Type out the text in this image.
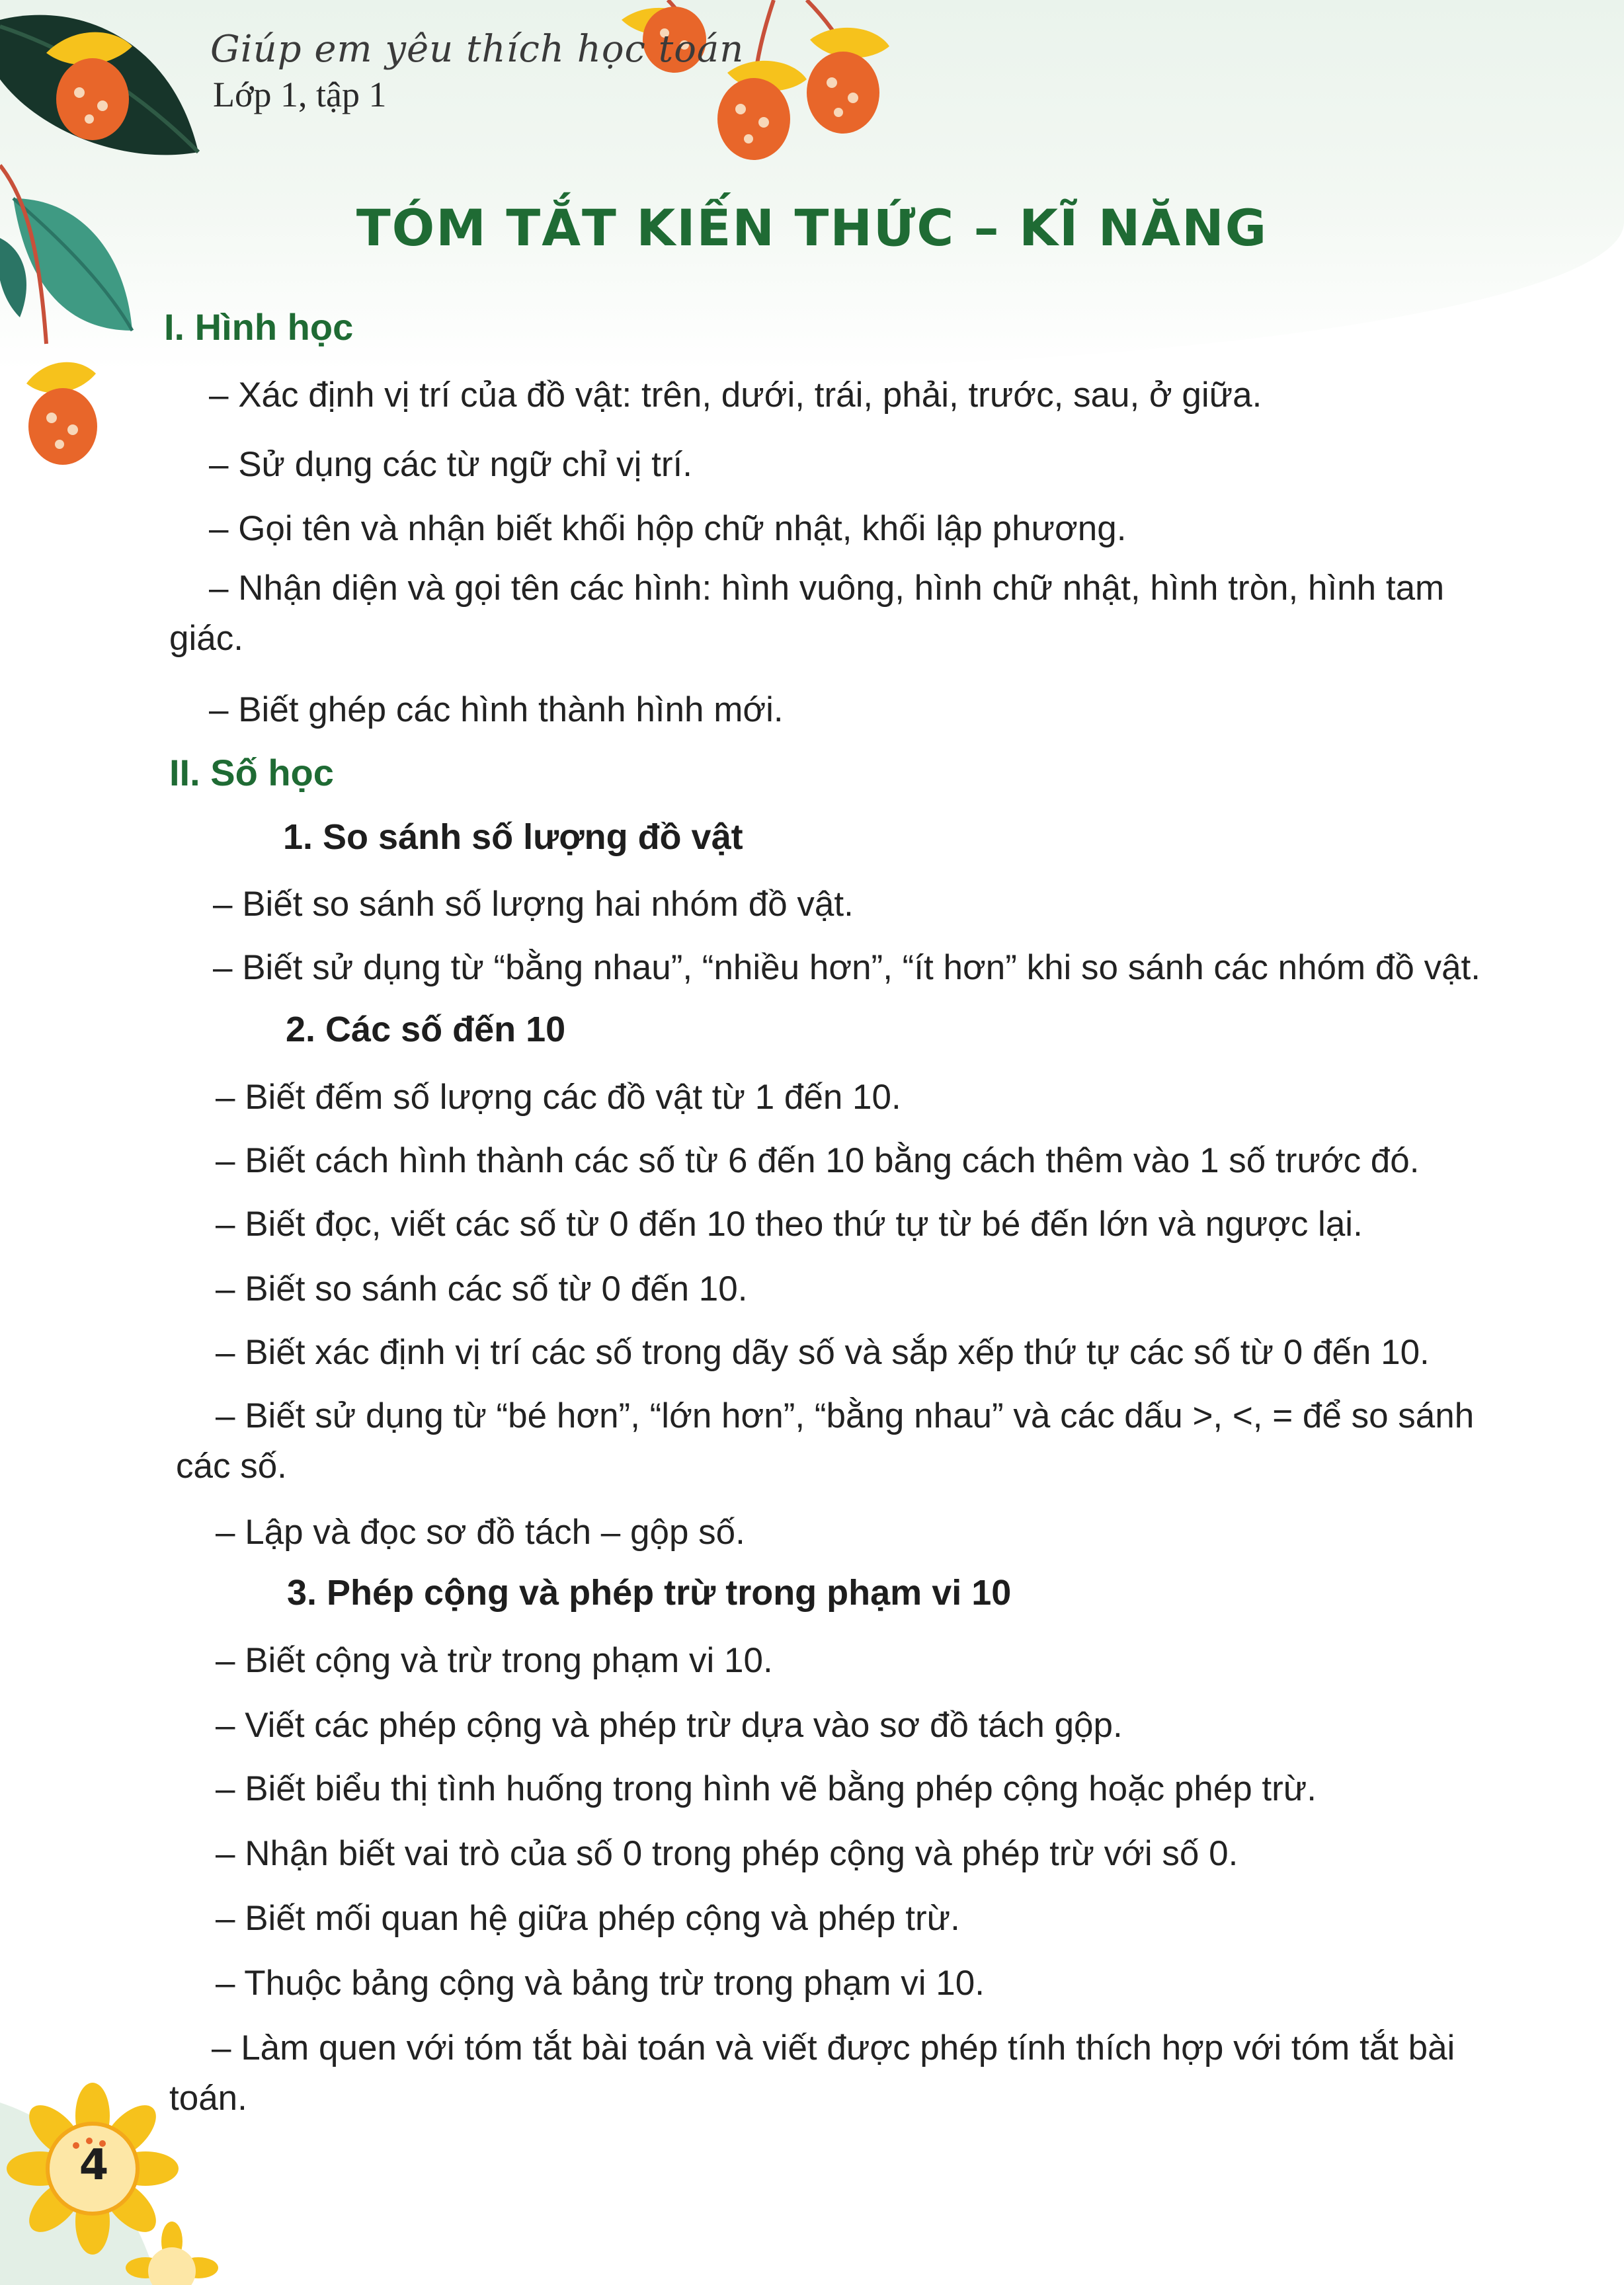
Giúp em yêu thích học toán

Lớp 1, tập 1

TÓM TẮT KIẾN THỨC – KĨ NĂNG
I. Hình học

– Xác định vị trí của đồ vật: trên, dưới, trái, phải, trước, sau, ở giữa.

– Sử dụng các từ ngữ chỉ vị trí.

– Gọi tên và nhận biết khối hộp chữ nhật, khối lập phương.

– Nhận diện và gọi tên các hình: hình vuông, hình chữ nhật, hình tròn, hình tam giác.

– Biết ghép các hình thành hình mới.

II. Số học
1. So sánh số lượng đồ vật

– Biết so sánh số lượng hai nhóm đồ vật.

– Biết sử dụng từ “bằng nhau”, “nhiều hơn”, “ít hơn” khi so sánh các nhóm đồ vật.

2. Các số đến 10

– Biết đếm số lượng các đồ vật từ 1 đến 10.

– Biết cách hình thành các số từ 6 đến 10 bằng cách thêm vào 1 số trước đó.

– Biết đọc, viết các số từ 0 đến 10 theo thứ tự từ bé đến lớn và ngược lại.

– Biết so sánh các số từ 0 đến 10.

– Biết xác định vị trí các số trong dãy số và sắp xếp thứ tự các số từ 0 đến 10.

– Biết sử dụng từ “bé hơn”, “lớn hơn”, “bằng nhau” và các dấu >, <, = để so sánh các số.

– Lập và đọc sơ đồ tách – gộp số.

3. Phép cộng và phép trừ trong phạm vi 10

– Biết cộng và trừ trong phạm vi 10.

– Viết các phép cộng và phép trừ dựa vào sơ đồ tách gộp.

– Biết biểu thị tình huống trong hình vẽ bằng phép cộng hoặc phép trừ.

– Nhận biết vai trò của số 0 trong phép cộng và phép trừ với số 0.

– Biết mối quan hệ giữa phép cộng và phép trừ.

– Thuộc bảng cộng và bảng trừ trong phạm vi 10.

– Làm quen với tóm tắt bài toán và viết được phép tính thích hợp với tóm tắt bài toán.

4
